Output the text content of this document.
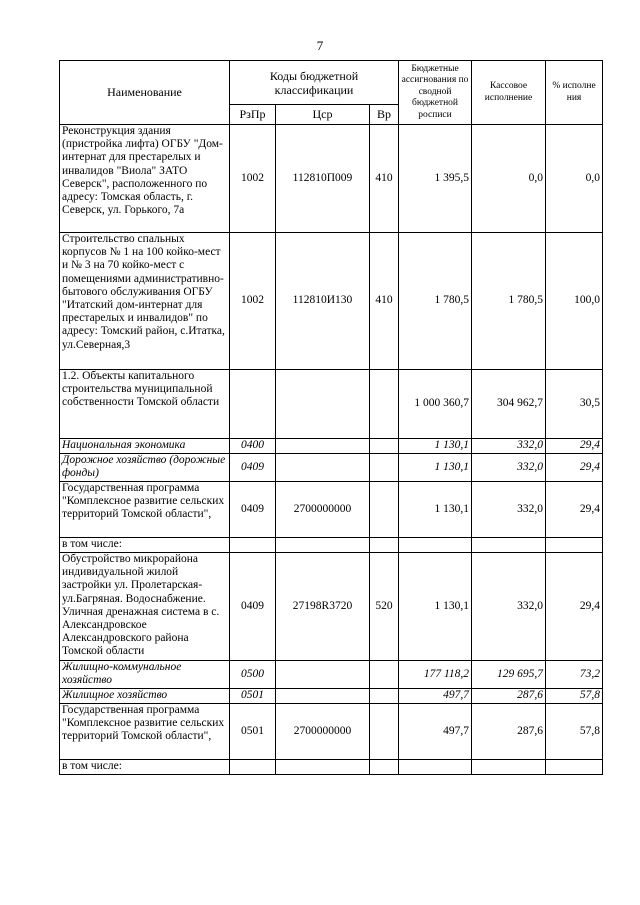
7
Наименование	Коды бюджетной классификации			Бюджетные ассигнования по сводной бюджетной росписи	Кассовое исполнение	% исполне ния
	РзПр	Цср	Вр			
Реконструкция здания (пристройка лифта) ОГБУ "Дом-интернат для престарелых и инвалидов "Виола" ЗАТО Северск", расположенного по адресу: Томская область, г. Северск, ул. Горького, 7а	1002	112810П009	410	1 395,5	0,0	0,0
Строительство спальных корпусов № 1 на 100 койко-мест и № 3 на 70 койко-мест с помещениями административно-бытового обслуживания ОГБУ "Итатский дом-интернат для престарелых и инвалидов" по адресу: Томский район, с.Итатка, ул.Северная,3	1002	112810И130	410	1 780,5	1 780,5	100,0
1.2. Объекты капитального строительства муниципальной собственности Томской области				1 000 360,7	304 962,7	30,5
Национальная экономика	0400			1 130,1	332,0	29,4
Дорожное хозяйство (дорожные фонды)	0409			1 130,1	332,0	29,4
Государственная программа "Комплексное развитие сельских территорий Томской области",	0409	2700000000		1 130,1	332,0	29,4
в том числе:						
Обустройство микрорайона индивидуальной жилой застройки ул. Пролетарская-ул.Багряная. Водоснабжение. Уличная дренажная система в с. Александровское Александровского района Томской области	0409	27198R3720	520	1 130,1	332,0	29,4
Жилищно-коммунальное хозяйство	0500			177 118,2	129 695,7	73,2
Жилищное хозяйство	0501			497,7	287,6	57,8
Государственная программа "Комплексное развитие сельских территорий Томской области",	0501	2700000000		497,7	287,6	57,8
в том числе:						
